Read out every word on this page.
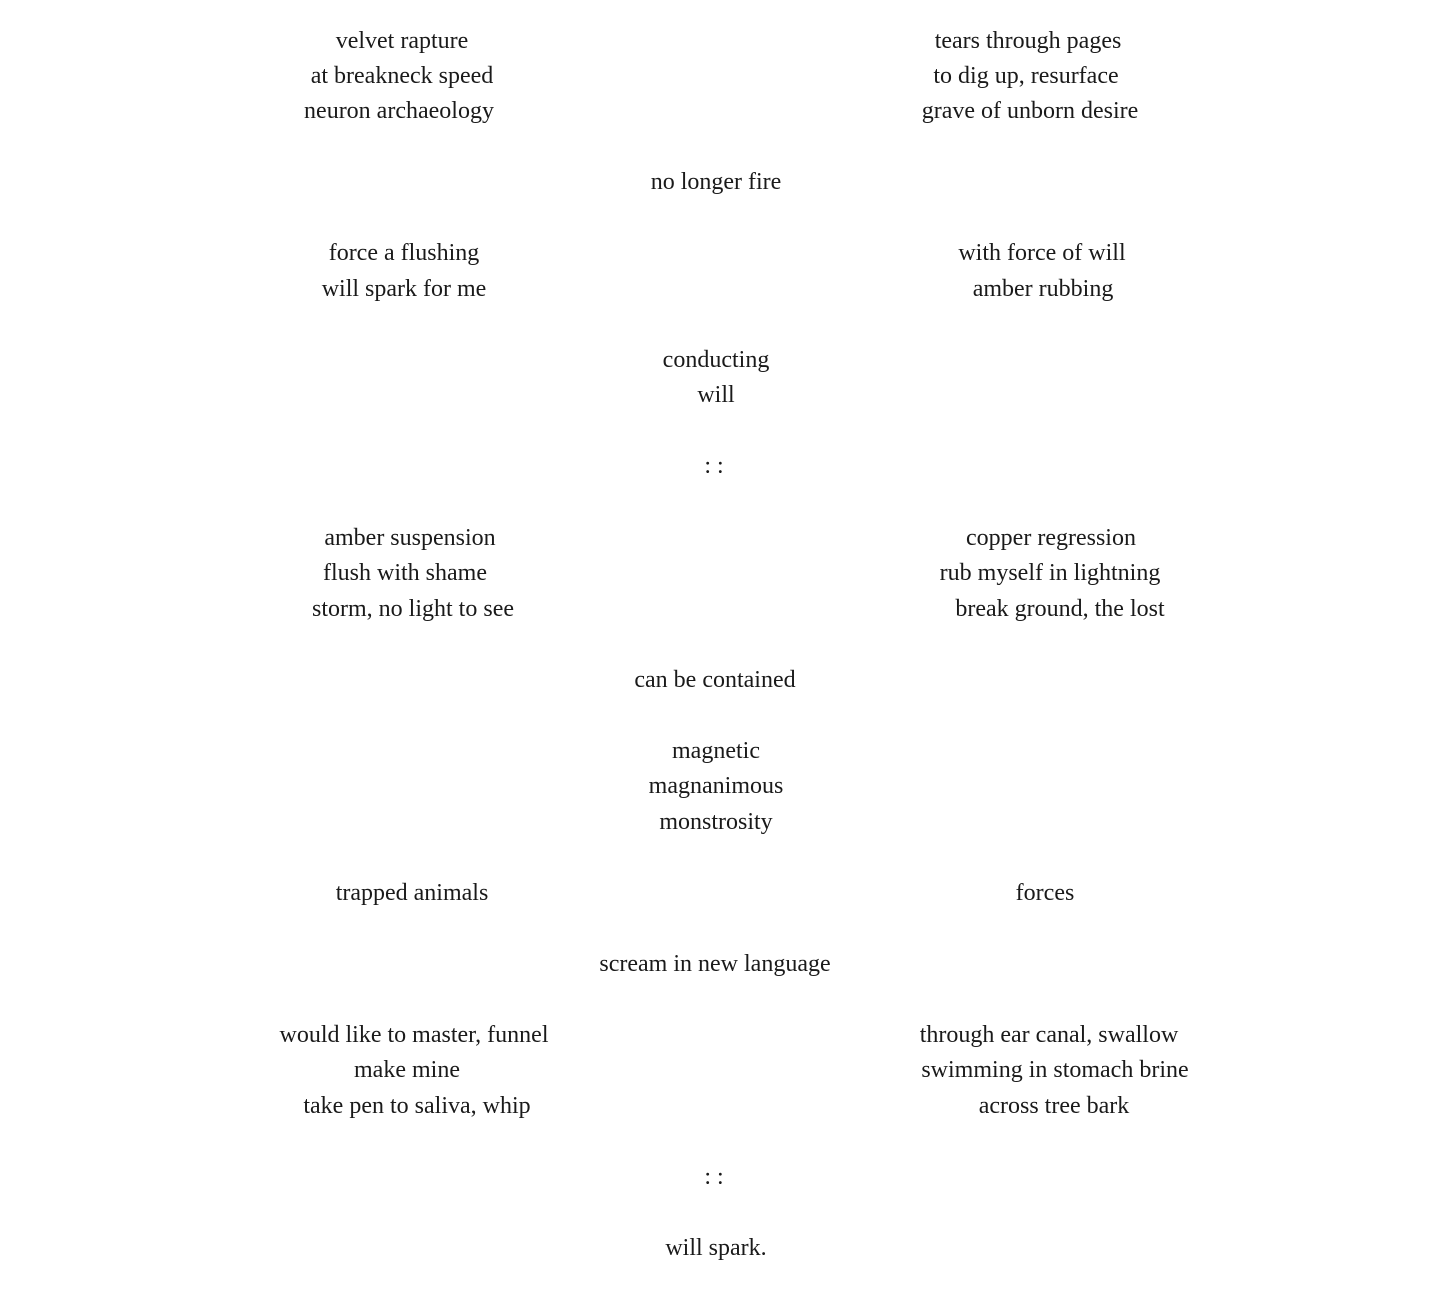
velvet rapture	tears through pages
at breakneck speed	to dig up, resurface
neuron archaeology	grave of unborn desire
no longer fire
force a flushing	with force of will
will spark for me	amber rubbing
conducting
will
: :
amber suspension	copper regression
flush with shame	rub myself in lightning
storm, no light to see	break ground, the lost
can be contained
magnetic
magnanimous
monstrosity
trapped animals	forces
scream in new language
would like to master, funnel	through ear canal, swallow
make mine	swimming in stomach brine
take pen to saliva, whip	across tree bark
: :
will spark.
